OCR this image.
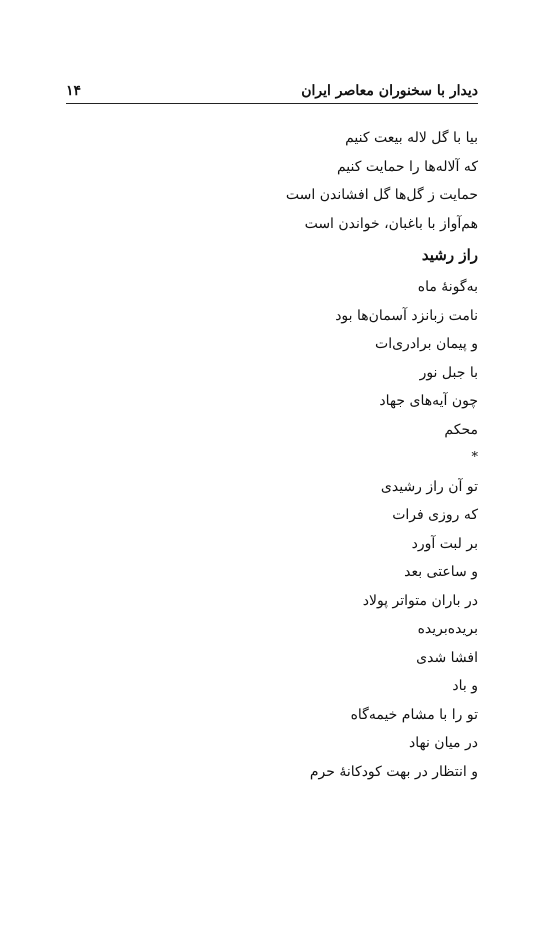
دیدار با سخنوران معاصر ایران
۱۴
بیا با گل لاله بیعت کنیم
که آلاله‌ها را حمایت کنیم
حمایت ز گل‌ها گل افشاندن است
هم‌آواز با باغبان، خواندن است
راز رشید
به‌گونهٔ ماه
نامت زبانزد آسمان‌ها بود
و پیمان برادری‌ات
با جبل نور
چون آیه‌های جهاد
محکم
*
تو آن راز رشیدی
که روزی فرات
بر لبت آورد
و ساعتی بعد
در باران متواتر پولاد
بریده‌بریده
افشا شدی
و باد
تو را با مشام خیمه‌گاه
در میان نهاد
و انتظار در بهت کودکانهٔ حرم
